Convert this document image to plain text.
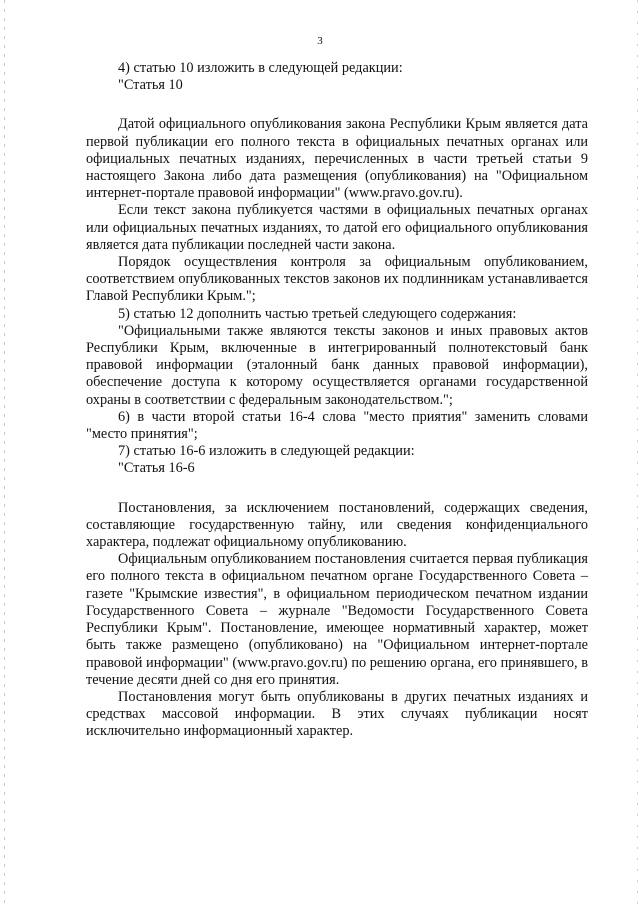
3

4) статью 10 изложить в следующей редакции:

"Статья 10

Датой официального опубликования закона Республики Крым является дата первой публикации его полного текста в официальных печатных органах или официальных печатных изданиях, перечисленных в части третьей статьи 9 настоящего Закона либо дата размещения (опубликования) на "Официальном интернет-портале правовой информации" (www.pravo.gov.ru).

Если текст закона публикуется частями в официальных печатных органах или официальных печатных изданиях, то датой его официального опубликования является дата публикации последней части закона.

Порядок осуществления контроля за официальным опубликованием, соответствием опубликованных текстов законов их подлинникам устанавливается Главой Республики Крым.";

5) статью 12 дополнить частью третьей следующего содержания:

"Официальными также являются тексты законов и иных правовых актов Республики Крым, включенные в интегрированный полнотекстовый банк правовой информации (эталонный банк данных правовой информации), обеспечение доступа к которому осуществляется органами государственной охраны в соответствии с федеральным законодательством.";

6) в части второй статьи 16-4 слова "место приятия" заменить словами "место принятия";

7) статью 16-6 изложить в следующей редакции:

"Статья 16-6

Постановления, за исключением постановлений, содержащих сведения, составляющие государственную тайну, или сведения конфиденциального характера, подлежат официальному опубликованию.

Официальным опубликованием постановления считается первая публикация его полного текста в официальном печатном органе Государственного Совета – газете "Крымские известия", в официальном периодическом печатном издании Государственного Совета – журнале "Ведомости Государственного Совета Республики Крым". Постановление, имеющее нормативный характер, может быть также размещено (опубликовано) на "Официальном интернет-портале правовой информации" (www.pravo.gov.ru) по решению органа, его принявшего, в течение десяти дней со дня его принятия.

Постановления могут быть опубликованы в других печатных изданиях и средствах массовой информации. В этих случаях публикации носят исключительно информационный характер.
